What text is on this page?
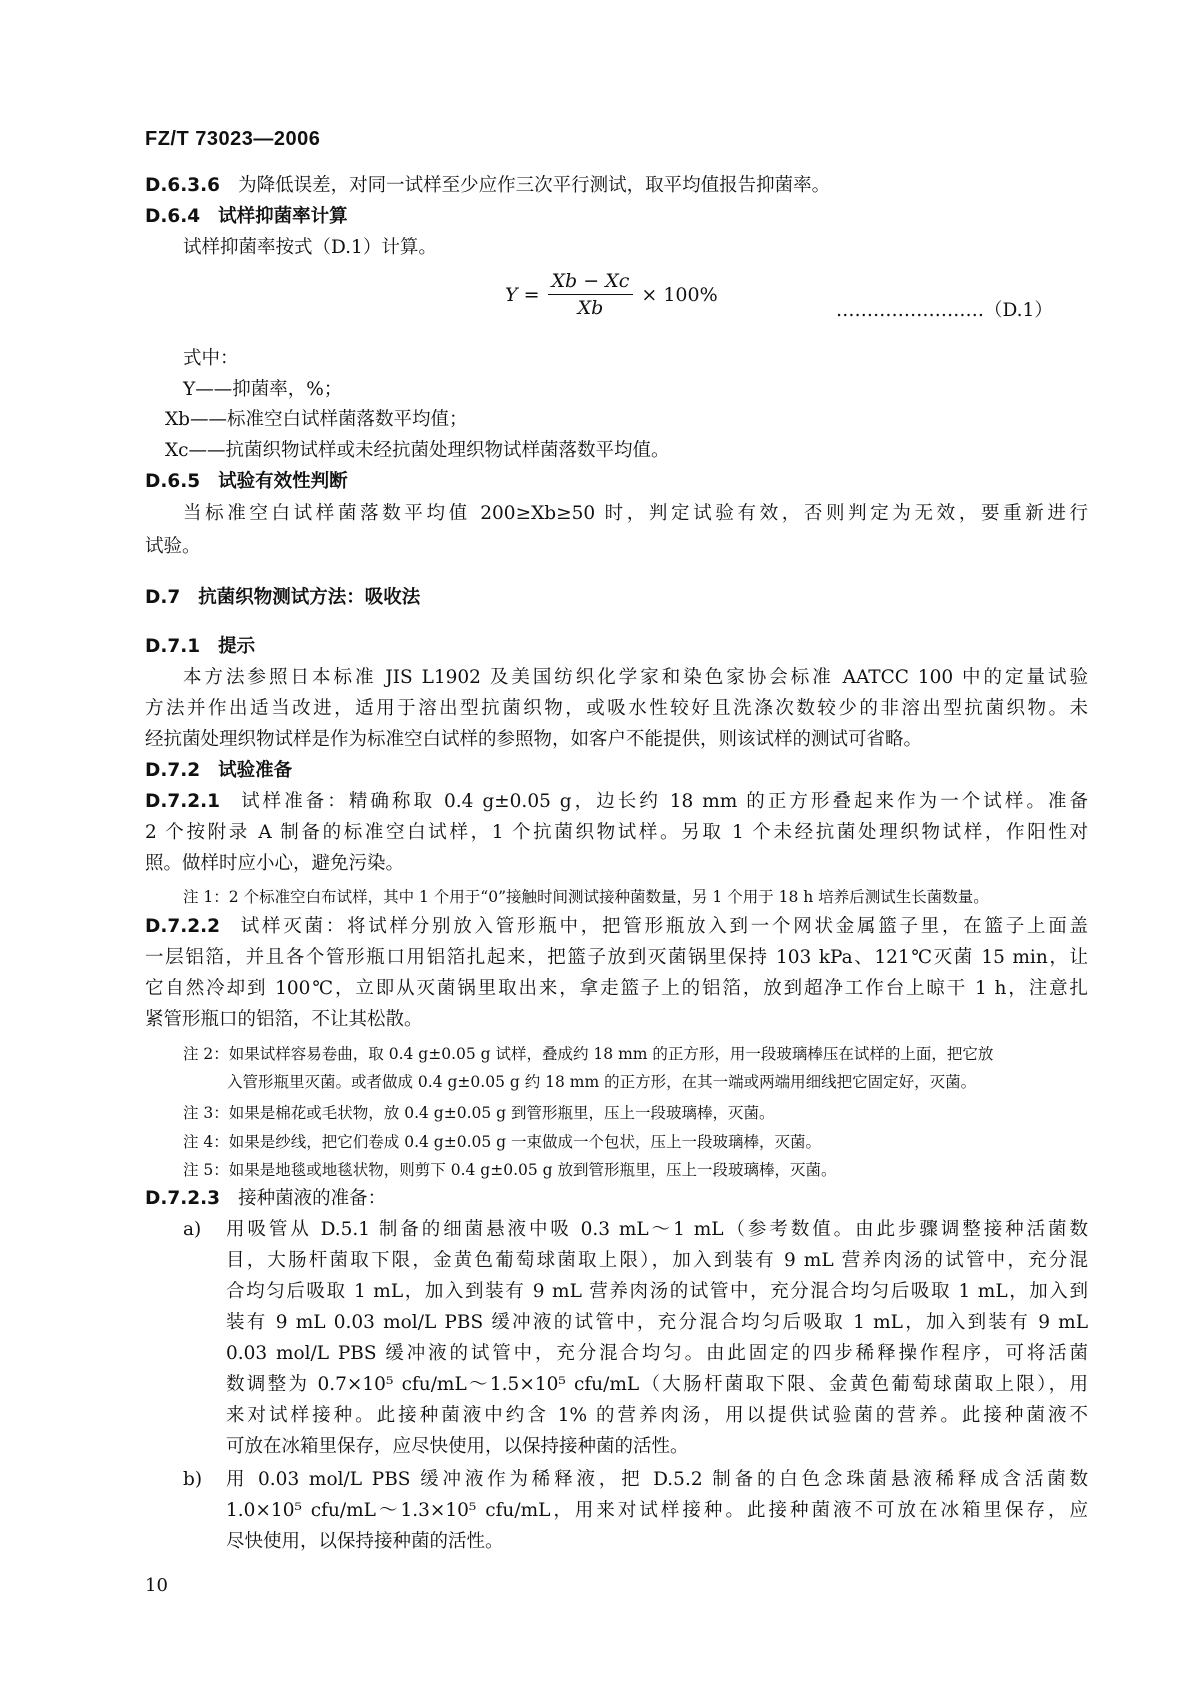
FZ/T 73023—2006
D.6.3.6 为降低误差，对同一试样至少应作三次平行测试，取平均值报告抑菌率。
D.6.4 试样抑菌率计算
试样抑菌率按式（D.1）计算。
$Y = \frac{Xb - Xc}{Xb} \times 100\%$
……………………（D.1）
式中：
Y——抑菌率，%；
Xb——标准空白试样菌落数平均值；
Xc——抗菌织物试样或未经抗菌处理织物试样菌落数平均值。
D.6.5 试验有效性判断
当标准空白试样菌落数平均值 200≥Xb≥50 时，判定试验有效，否则判定为无效，要重新进行
试验。
D.7 抗菌织物测试方法：吸收法
D.7.1 提示
本方法参照日本标准 JIS L1902 及美国纺织化学家和染色家协会标准 AATCC 100 中的定量试验
方法并作出适当改进，适用于溶出型抗菌织物，或吸水性较好且洗涤次数较少的非溶出型抗菌织物。未
经抗菌处理织物试样是作为标准空白试样的参照物，如客户不能提供，则该试样的测试可省略。
D.7.2 试验准备
D.7.2.1 试样准备：精确称取 0.4 g±0.05 g，边长约 18 mm 的正方形叠起来作为一个试样。准备
2 个按附录 A 制备的标准空白试样，1 个抗菌织物试样。另取 1 个未经抗菌处理织物试样，作阳性对
照。做样时应小心，避免污染。
注 1：2 个标准空白布试样，其中 1 个用于“0”接触时间测试接种菌数量，另 1 个用于 18 h 培养后测试生长菌数量。
D.7.2.2 试样灭菌：将试样分别放入管形瓶中，把管形瓶放入到一个网状金属篮子里，在篮子上面盖
一层铝箔，并且各个管形瓶口用铝箔扎起来，把篮子放到灭菌锅里保持 103 kPa、121℃灭菌 15 min，让
它自然冷却到 100℃，立即从灭菌锅里取出来，拿走篮子上的铝箔，放到超净工作台上晾干 1 h，注意扎
紧管形瓶口的铝箔，不让其松散。
注 2：如果试样容易卷曲，取 0.4 g±0.05 g 试样，叠成约 18 mm 的正方形，用一段玻璃棒压在试样的上面，把它放
入管形瓶里灭菌。或者做成 0.4 g±0.05 g 约 18 mm 的正方形，在其一端或两端用细线把它固定好，灭菌。
注 3：如果是棉花或毛状物，放 0.4 g±0.05 g 到管形瓶里，压上一段玻璃棒，灭菌。
注 4：如果是纱线，把它们卷成 0.4 g±0.05 g 一束做成一个包状，压上一段玻璃棒，灭菌。
注 5：如果是地毯或地毯状物，则剪下 0.4 g±0.05 g 放到管形瓶里，压上一段玻璃棒，灭菌。
D.7.2.3 接种菌液的准备：
a) 用吸管从 D.5.1 制备的细菌悬液中吸 0.3 mL～1 mL（参考数值。由此步骤调整接种活菌数
目，大肠杆菌取下限，金黄色葡萄球菌取上限），加入到装有 9 mL 营养肉汤的试管中，充分混
合均匀后吸取 1 mL，加入到装有 9 mL 营养肉汤的试管中，充分混合均匀后吸取 1 mL，加入到
装有 9 mL 0.03 mol/L PBS 缓冲液的试管中，充分混合均匀后吸取 1 mL，加入到装有 9 mL
0.03 mol/L PBS 缓冲液的试管中，充分混合均匀。由此固定的四步稀释操作程序，可将活菌
数调整为 0.7×10⁵ cfu/mL～1.5×10⁵ cfu/mL（大肠杆菌取下限、金黄色葡萄球菌取上限），用
来对试样接种。此接种菌液中约含 1% 的营养肉汤，用以提供试验菌的营养。此接种菌液不
可放在冰箱里保存，应尽快使用，以保持接种菌的活性。
b) 用 0.03 mol/L PBS 缓冲液作为稀释液，把 D.5.2 制备的白色念珠菌悬液稀释成含活菌数
1.0×10⁵ cfu/mL～1.3×10⁵ cfu/mL，用来对试样接种。此接种菌液不可放在冰箱里保存，应
尽快使用，以保持接种菌的活性。
10
